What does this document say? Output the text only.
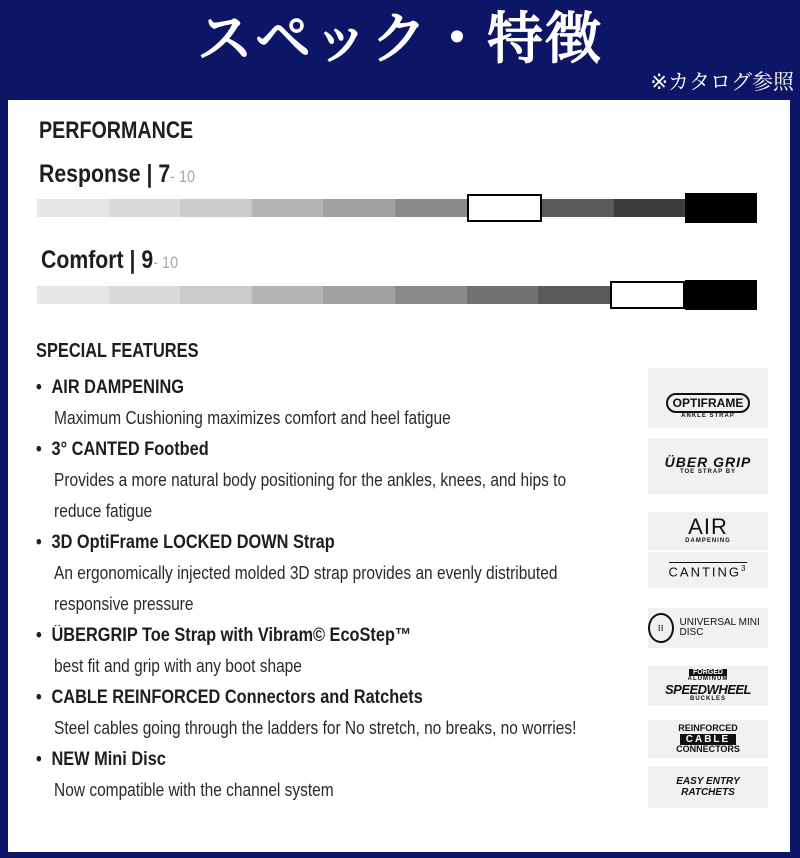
スペック・特徴
※カタログ参照
PERFORMANCE
Response | 7- 10
Comfort | 9- 10
SPECIAL FEATURES
• AIR DAMPENING
Maximum Cushioning maximizes comfort and heel fatigue
• 3° CANTED Footbed
Provides a more natural body positioning for the ankles, knees, and hips to reduce fatigue
• 3D OptiFrame LOCKED DOWN Strap
An ergonomically injected molded 3D strap provides an evenly distributed responsive pressure
• ÜBERGRIP Toe Strap with Vibram© EcoStep™
best fit and grip with any boot shape
• CABLE REINFORCED Connectors and Ratchets
Steel cables going through the ladders for No stretch, no breaks, no worries!
• NEW Mini Disc
Now compatible with the channel system
OPTIFRAME
ANKLE STRAP
ÜBER GRIP
TOE STRAP BY
AIR
DAMPENING
CANTING$^3$
⁝⁝	UNIVERSAL MINI DISC
FORGED
ALUMINUM
SPEEDWHEEL
BUCKLES
REINFORCED
CABLE
CONNECTORS
EASY ENTRY
RATCHETS
